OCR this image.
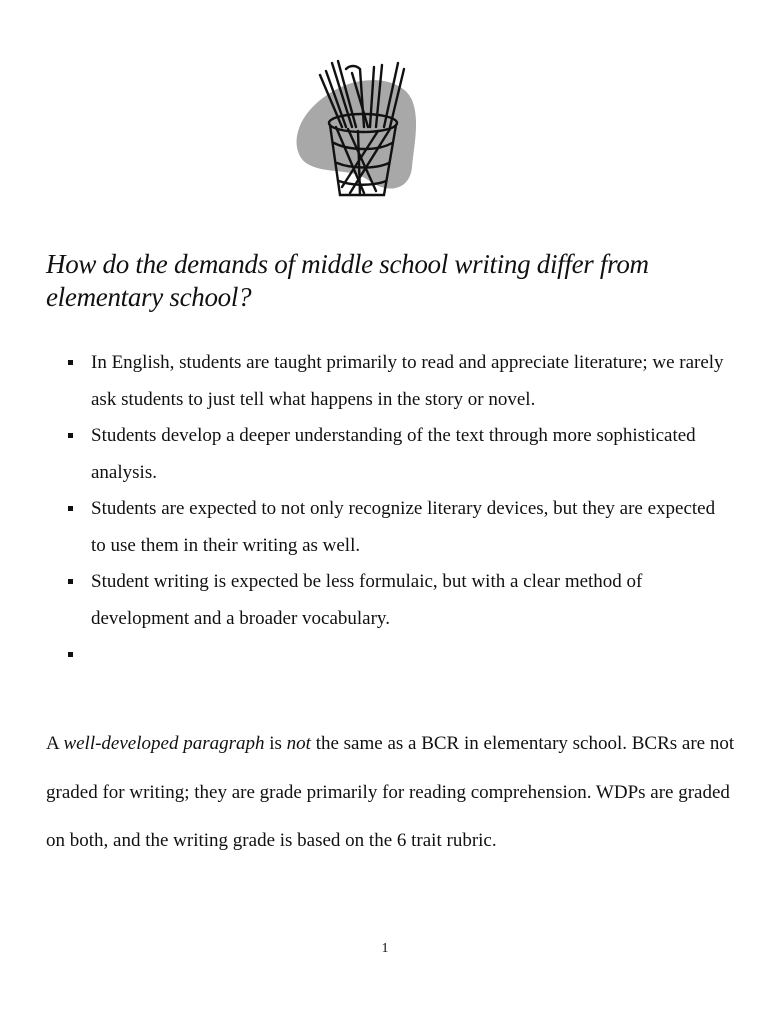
How do the demands of middle school writing differ from elementary school?
In English, students are taught primarily to read and appreciate literature; we rarely ask students to just tell what happens in the story or novel.
Students develop a deeper understanding of the text through more sophisticated analysis.
Students are expected to not only recognize literary devices, but they are expected to use them in their writing as well.
Student writing is expected be less formulaic, but with a clear method of development and a broader vocabulary.

A well-developed paragraph is not the same as a BCR in elementary school. BCRs are not graded for writing; they are grade primarily for reading comprehension. WDPs are graded on both, and the writing grade is based on the 6 trait rubric.

1
